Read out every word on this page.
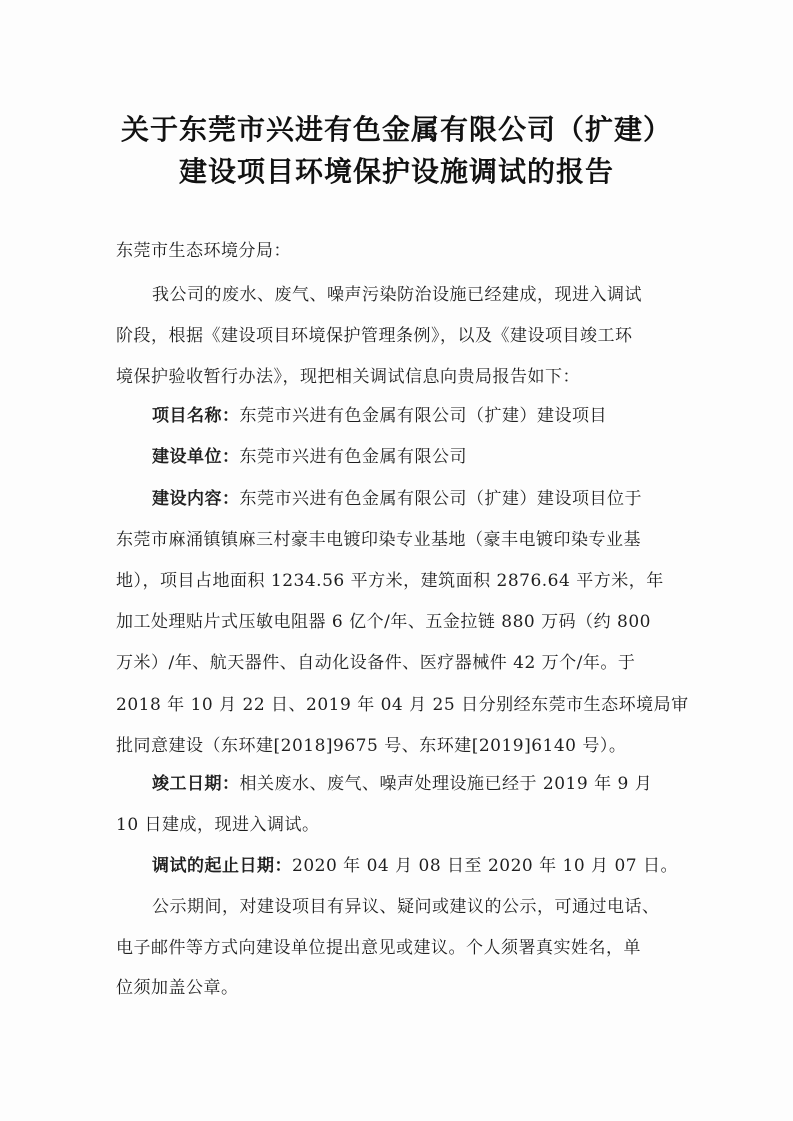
关于东莞市兴进有色金属有限公司（扩建）
建设项目环境保护设施调试的报告
东莞市生态环境分局：
我公司的废水、废气、噪声污染防治设施已经建成，现进入调试
阶段，根据《建设项目环境保护管理条例》，以及《建设项目竣工环
境保护验收暂行办法》，现把相关调试信息向贵局报告如下：
项目名称：东莞市兴进有色金属有限公司（扩建）建设项目
建设单位：东莞市兴进有色金属有限公司
建设内容：东莞市兴进有色金属有限公司（扩建）建设项目位于
东莞市麻涌镇镇麻三村豪丰电镀印染专业基地（豪丰电镀印染专业基
地），项目占地面积 1234.56 平方米，建筑面积 2876.64 平方米，年
加工处理贴片式压敏电阻器 6 亿个/年、五金拉链 880 万码（约 800
万米）/年、航天器件、自动化设备件、医疗器械件 42 万个/年。于
2018 年 10 月 22 日、2019 年 04 月 25 日分别经东莞市生态环境局审
批同意建设（东环建[2018]9675 号、东环建[2019]6140 号）。
竣工日期：相关废水、废气、噪声处理设施已经于 2019 年 9 月
10 日建成，现进入调试。
调试的起止日期：2020 年 04 月 08 日至 2020 年 10 月 07 日。
公示期间，对建设项目有异议、疑问或建议的公示，可通过电话、
电子邮件等方式向建设单位提出意见或建议。个人须署真实姓名，单
位须加盖公章。
